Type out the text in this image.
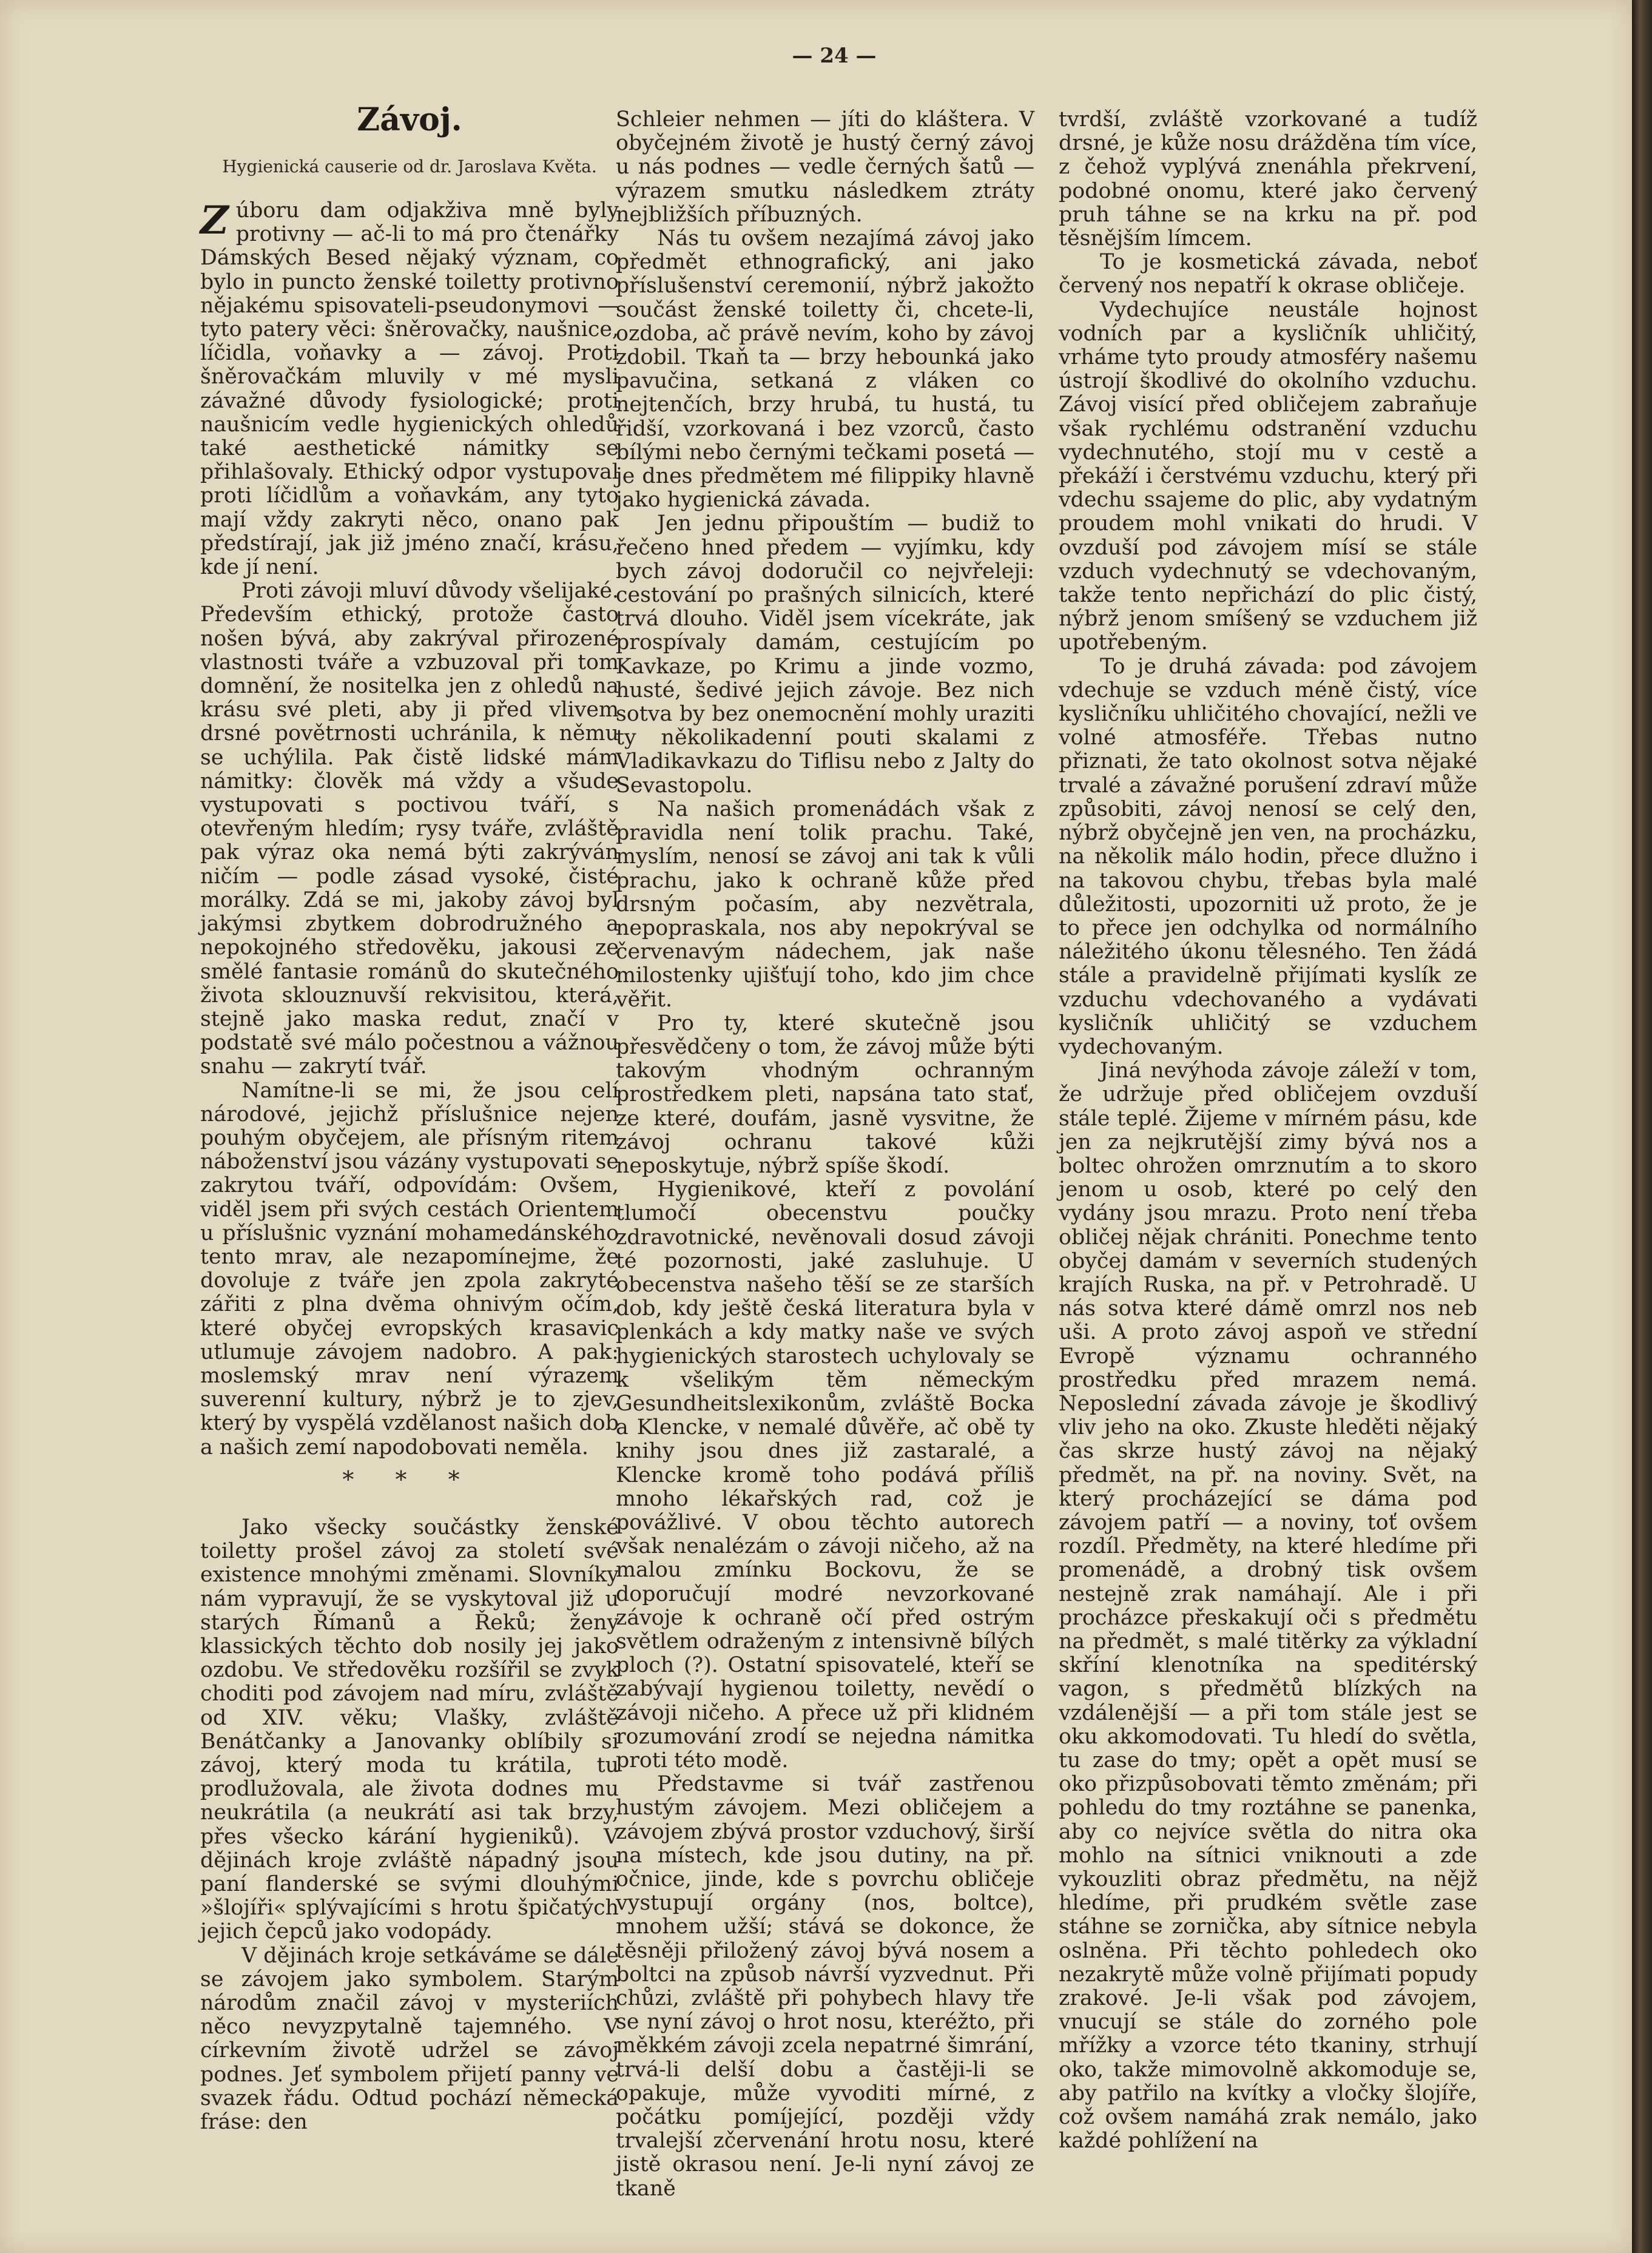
— 24 —
Závoj.
Hygienická causerie od dr. Jaroslava Květa.

Zúboru dam odjakživa mně byly protivny — ač-li to má pro čtenářky Dámských Besed nějaký význam, co bylo in puncto ženské toiletty protivno nějakému spisovateli-pseudonymovi — tyto patery věci: šněrovačky, naušnice, líčidla, voňavky a — závoj. Proti šněrovačkám mluvily v mé mysli závažné důvody fysiologické; proti naušnicím vedle hygienických ohledů také aesthetické námitky se přihlašovaly. Ethický odpor vystupoval proti líčidlům a voňavkám, any tyto mají vždy zakryti něco, onano pak předstírají, jak již jméno značí, krásu, kde jí není.

Proti závoji mluví důvody všelijaké. Především ethický, protože často nošen bývá, aby zakrýval přirozené vlastnosti tváře a vzbuzoval při tom domnění, že nositelka jen z ohledů na krásu své pleti, aby ji před vlivem drsné povětrnosti uchránila, k němu se uchýlila. Pak čistě lidské mám námitky: člověk má vždy a všude vystupovati s poctivou tváří, s otevřeným hledím; rysy tváře, zvláště pak výraz oka nemá býti zakrýván ničím — podle zásad vysoké, čisté morálky. Zdá se mi, jakoby závoj byl jakýmsi zbytkem dobrodružného a nepokojného středověku, jakousi ze smělé fantasie románů do skutečného života sklouznuvší rekvisitou, která, stejně jako maska redut, značí v podstatě své málo počestnou a vážnou snahu — zakrytí tvář.

Namítne-li se mi, že jsou celí národové, jejichž příslušnice nejen pouhým obyčejem, ale přísným ritem náboženství jsou vázány vystupovati se zakrytou tváří, odpovídám: Ovšem, viděl jsem při svých cestách Orientem u příslušnic vyznání mohamedánského tento mrav, ale nezapomínejme, že dovoluje z tváře jen zpola zakryté zářiti z plna dvěma ohnivým očím, které obyčej evropských krasavic utlumuje závojem nadobro. A pak: moslemský mrav není výrazem suverenní kultury, nýbrž je to zjev, který by vyspělá vzdělanost našich dob a našich zemí napodobovati neměla.

* * *

Jako všecky součástky ženské toiletty prošel závoj za století své existence mnohými změnami. Slovníky nám vypravují, že se vyskytoval již u starých Římanů a Řeků; ženy klassických těchto dob nosily jej jako ozdobu. Ve středověku rozšířil se zvyk choditi pod závojem nad míru, zvláště od XIV. věku; Vlašky, zvláště Benátčanky a Janovanky oblíbily si závoj, který moda tu krátila, tu prodlužovala, ale života dodnes mu neukrátila (a neukrátí asi tak brzy, přes všecko kárání hygieniků). V dějinách kroje zvláště nápadný jsou paní flanderské se svými dlouhými »šlojíři« splývajícími s hrotu špičatých jejich čepců jako vodopády.

V dějinách kroje setkáváme se dále se závojem jako symbolem. Starým národům značil závoj v mysteriích něco nevyzpytalně tajemného. V církevním životě udržel se závoj podnes. Jeť symbolem přijetí panny ve svazek řádu. Odtud pochází německá fráse: den

Schleier nehmen — jíti do kláštera. V obyčejném životě je hustý černý závoj u nás podnes — vedle černých šatů — výrazem smutku následkem ztráty nejbližších příbuzných.

Nás tu ovšem nezajímá závoj jako předmět ethnografický, ani jako příslušenství ceremonií, nýbrž jakožto součást ženské toiletty či, chcete-li, ozdoba, ač právě nevím, koho by závoj zdobil. Tkaň ta — brzy hebounká jako pavučina, setkaná z vláken co nejtenčích, brzy hrubá, tu hustá, tu řidší, vzorkovaná i bez vzorců, často bílými nebo černými tečkami posetá — je dnes předmětem mé filippiky hlavně jako hygienická závada.

Jen jednu připouštím — budiž to řečeno hned předem — vyjímku, kdy bych závoj dodoručil co nejvřeleji: cestování po prašných silnicích, které trvá dlouho. Viděl jsem vícekráte, jak prospívaly damám, cestujícím po Kavkaze, po Krimu a jinde vozmo, husté, šedivé jejich závoje. Bez nich sotva by bez onemocnění mohly uraziti ty několikadenní pouti skalami z Vladikavkazu do Tiflisu nebo z Jalty do Sevastopolu.

Na našich promenádách však z pravidla není tolik prachu. Také, myslím, nenosí se závoj ani tak k vůli prachu, jako k ochraně kůže před drsným počasím, aby nezvětrala, nepopraskala, nos aby nepokrýval se červenavým nádechem, jak naše milostenky ujišťují toho, kdo jim chce věřit.

Pro ty, které skutečně jsou přesvědčeny o tom, že závoj může býti takovým vhodným ochranným prostředkem pleti, napsána tato stať, ze které, doufám, jasně vysvitne, že závoj ochranu takové kůži neposkytuje, nýbrž spíše škodí.

Hygienikové, kteří z povolání tlumočí obecenstvu poučky zdravotnické, nevěnovali dosud závoji té pozornosti, jaké zasluhuje. U obecenstva našeho těší se ze starších dob, kdy ještě česká literatura byla v plenkách a kdy matky naše ve svých hygienických starostech uchylovaly se k všelikým těm německým Gesundheitslexikonům, zvláště Bocka a Klencke, v nemalé důvěře, ač obě ty knihy jsou dnes již zastaralé, a Klencke kromě toho podává příliš mnoho lékařských rad, což je povážlivé. V obou těchto autorech však nenalézám o závoji ničeho, až na malou zmínku Bockovu, že se doporučují modré nevzorkované závoje k ochraně očí před ostrým světlem odraženým z intensivně bílých ploch (?). Ostatní spisovatelé, kteří se zabývají hygienou toiletty, nevědí o závoji ničeho. A přece už při klidném rozumování zrodí se nejedna námitka proti této modě.

Představme si tvář zastřenou hustým závojem. Mezi obličejem a závojem zbývá prostor vzduchový, širší na místech, kde jsou dutiny, na př. očnice, jinde, kde s povrchu obličeje vystupují orgány (nos, boltce), mnohem užší; stává se dokonce, že těsněji přiložený závoj bývá nosem a boltci na způsob návrší vyzvednut. Při chůzi, zvláště při pohybech hlavy tře se nyní závoj o hrot nosu, kteréžto, při měkkém závoji zcela nepatrné šimrání, trvá-li delší dobu a častěji-li se opakuje, může vyvoditi mírné, z počátku pomíjející, později vždy trvalejší zčervenání hrotu nosu, které jistě okrasou není. Je-li nyní závoj ze tkaně

tvrdší, zvláště vzorkované a tudíž drsné, je kůže nosu drážděna tím více, z čehož vyplývá znenáhla překrvení, podobné onomu, které jako červený pruh táhne se na krku na př. pod těsnějším límcem.

To je kosmetická závada, neboť červený nos nepatří k okrase obličeje.

Vydechujíce neustále hojnost vodních par a kysličník uhličitý, vrháme tyto proudy atmosféry našemu ústrojí škodlivé do okolního vzduchu. Závoj visící před obličejem zabraňuje však rychlému odstranění vzduchu vydechnutého, stojí mu v cestě a překáží i čerstvému vzduchu, který při vdechu ssajeme do plic, aby vydatným proudem mohl vnikati do hrudi. V ovzduší pod závojem mísí se stále vzduch vydechnutý se vdechovaným, takže tento nepřichází do plic čistý, nýbrž jenom smíšený se vzduchem již upotřebeným.

To je druhá závada: pod závojem vdechuje se vzduch méně čistý, více kysličníku uhličitého chovající, nežli ve volné atmosféře. Třebas nutno přiznati, že tato okolnost sotva nějaké trvalé a závažné porušení zdraví může způsobiti, závoj nenosí se celý den, nýbrž obyčejně jen ven, na procházku, na několik málo hodin, přece dlužno i na takovou chybu, třebas byla malé důležitosti, upozorniti už proto, že je to přece jen odchylka od normálního náležitého úkonu tělesného. Ten žádá stále a pravidelně přijímati kyslík ze vzduchu vdechovaného a vydávati kysličník uhličitý se vzduchem vydechovaným.

Jiná nevýhoda závoje záleží v tom, že udržuje před obličejem ovzduší stále teplé. Žijeme v mírném pásu, kde jen za nejkrutější zimy bývá nos a boltec ohrožen omrznutím a to skoro jenom u osob, které po celý den vydány jsou mrazu. Proto není třeba obličej nějak chrániti. Ponechme tento obyčej damám v severních studených krajích Ruska, na př. v Petrohradě. U nás sotva které dámě omrzl nos neb uši. A proto závoj aspoň ve střední Evropě významu ochranného prostředku před mrazem nemá. Neposlední závada závoje je škodlivý vliv jeho na oko. Zkuste hleděti nějaký čas skrze hustý závoj na nějaký předmět, na př. na noviny. Svět, na který procházející se dáma pod závojem patří — a noviny, toť ovšem rozdíl. Předměty, na které hledíme při promenádě, a drobný tisk ovšem nestejně zrak namáhají. Ale i při procházce přeskakují oči s předmětu na předmět, s malé titěrky za výkladní skříní klenotníka na speditérský vagon, s předmětů blízkých na vzdálenější — a při tom stále jest se oku akkomodovati. Tu hledí do světla, tu zase do tmy; opět a opět musí se oko přizpůsobovati těmto změnám; při pohledu do tmy roztáhne se panenka, aby co nejvíce světla do nitra oka mohlo na sítnici vniknouti a zde vykouzliti obraz předmětu, na nějž hledíme, při prudkém světle zase stáhne se zornička, aby sítnice nebyla oslněna. Při těchto pohledech oko nezakrytě může volně přijímati popudy zrakové. Je-li však pod závojem, vnucují se stále do zorného pole mřížky a vzorce této tkaniny, strhují oko, takže mimovolně akkomoduje se, aby patřilo na kvítky a vločky šlojíře, což ovšem namáhá zrak nemálo, jako každé pohlížení na
